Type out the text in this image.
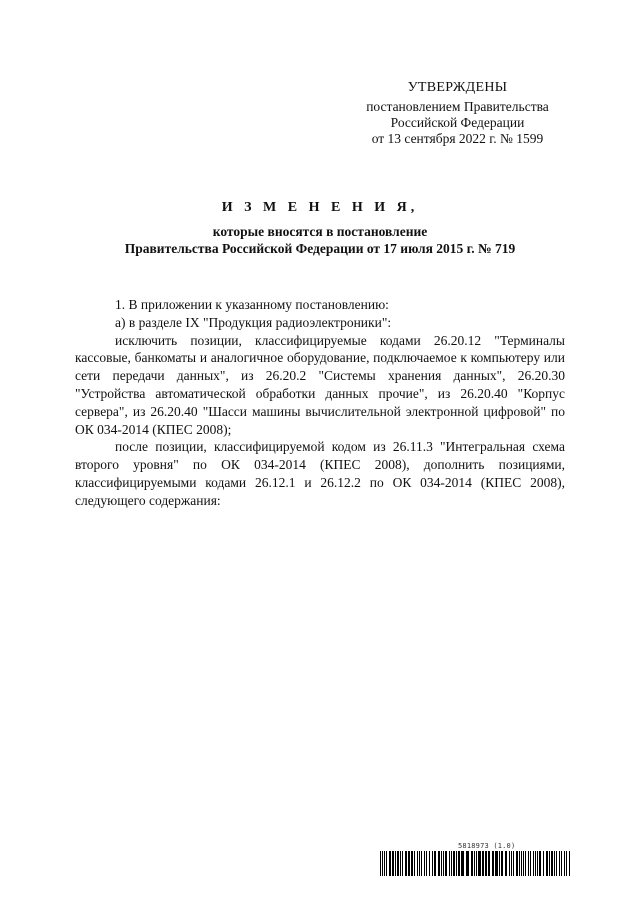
УТВЕРЖДЕНЫ
постановлением Правительства
Российской Федерации
от 13 сентября 2022 г. № 1599
И З М Е Н Е Н И Я,
которые вносятся в постановление
Правительства Российской Федерации от 17 июля 2015 г. № 719

1. В приложении к указанному постановлению:

а) в разделе IX "Продукция радиоэлектроники":

исключить позиции, классифицируемые кодами 26.20.12 "Терминалы кассовые, банкоматы и аналогичное оборудование, подключаемое к компьютеру или сети передачи данных", из 26.20.2 "Системы хранения данных", 26.20.30 "Устройства автоматической обработки данных прочие", из 26.20.40 "Корпус сервера", из 26.20.40 "Шасси машины вычислительной электронной цифровой" по ОК 034-2014 (КПЕС 2008);

после позиции, классифицируемой кодом из 26.11.3 "Интегральная схема второго уровня" по ОК 034-2014 (КПЕС 2008), дополнить позициями, классифицируемыми кодами 26.12.1 и 26.12.2 по ОК 034-2014 (КПЕС 2008), следующего содержания:

5818973 (1.0)
